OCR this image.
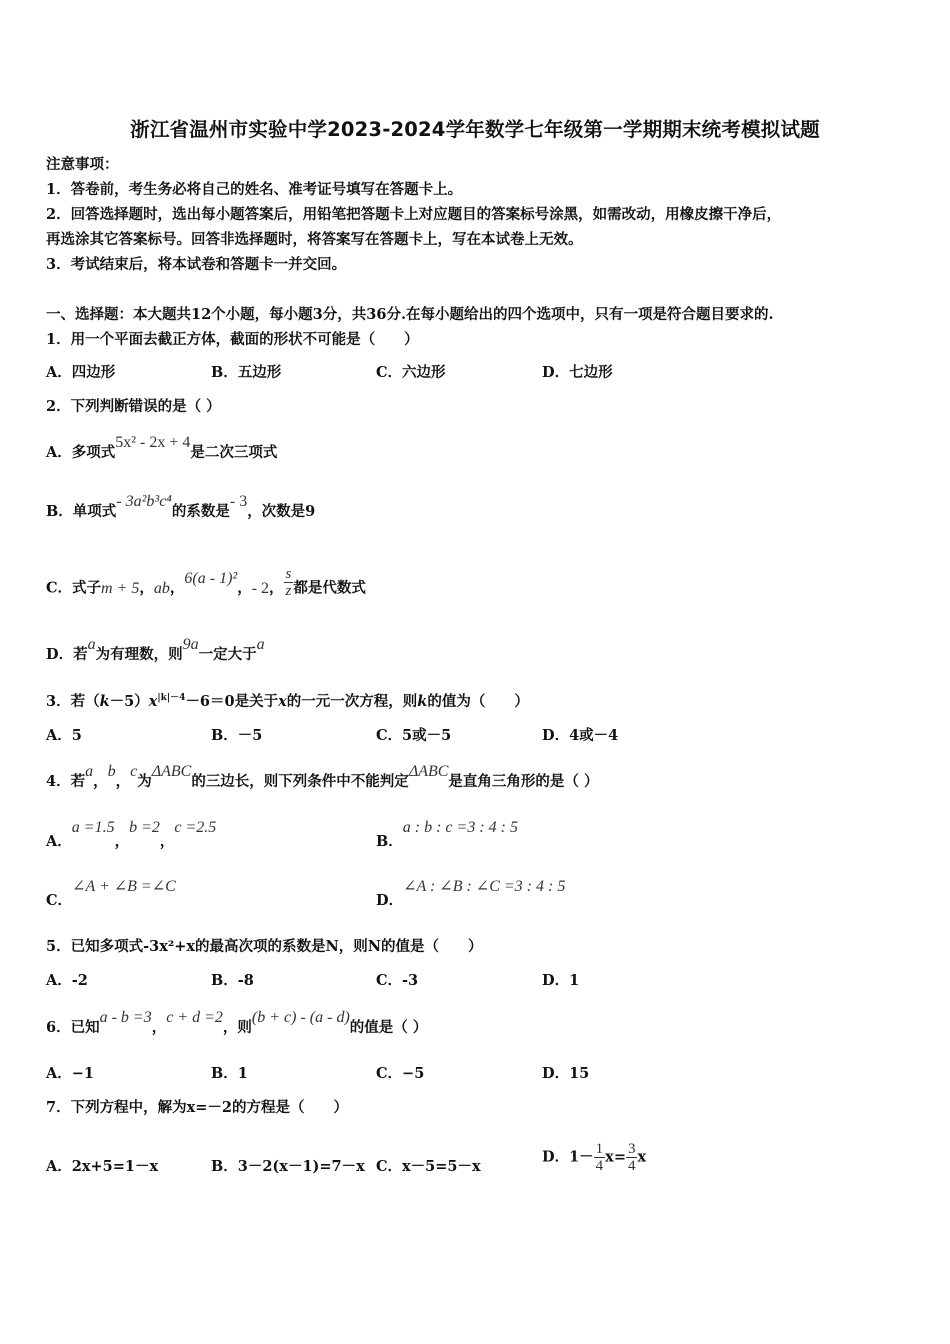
浙江省温州市实验中学2023-2024学年数学七年级第一学期期末统考模拟试题
注意事项：
1．答卷前，考生务必将自己的姓名、准考证号填写在答题卡上。
2．回答选择题时，选出每小题答案后，用铅笔把答题卡上对应题目的答案标号涂黑，如需改动，用橡皮擦干净后，
再选涂其它答案标号。回答非选择题时，将答案写在答题卡上，写在本试卷上无效。
3．考试结束后，将本试卷和答题卡一并交回。
一、选择题：本大题共12个小题，每小题3分，共36分.在每小题给出的四个选项中，只有一项是符合题目要求的.
1．用一个平面去截正方体，截面的形状不可能是（　　）
A．四边形	B．五边形	C．六边形	D．七边形
2．下列判断错误的是（ ）
A．多项式5x² - 2x + 4是二次三项式
B．单项式- 3a²b³c⁴的系数是- 3，次数是9
C．式子m + 5，ab，6(a - 1)²，- 2， $\frac{s}{z}$ 都是代数式
D．若a为有理数，则9a一定大于a
3．若$(k-5)x^{|k|-4}-6=0$是关于x的一元一次方程，则k的值为（　　）
A．5	B．－5	C．5或－5	D．4或－4
4．若a，b，c为ΔABC的三边长，则下列条件中不能判定ΔABC是直角三角形的是（ ）
A．a =1.5，b =2，c =2.5
B．a : b : c =3 : 4 : 5
C．∠A + ∠B =∠C
D．∠A : ∠B : ∠C =3 : 4 : 5
5．已知多项式-3x²+x的最高次项的系数是N，则N的值是（　　）
A．-2	B．-8	C．-3	D．1
6．已知a - b =3，c + d =2，则(b + c) - (a - d)的值是（ ）
A．−1	B．1	C．−5	D．15
7．下列方程中，解为x=－2的方程是（　　）
A．2x+5=1－x	B．3－2(x－1)=7－x C．x－5=5－x
D．$1- \frac{1}{4} x= \frac{3}{4}$ x
